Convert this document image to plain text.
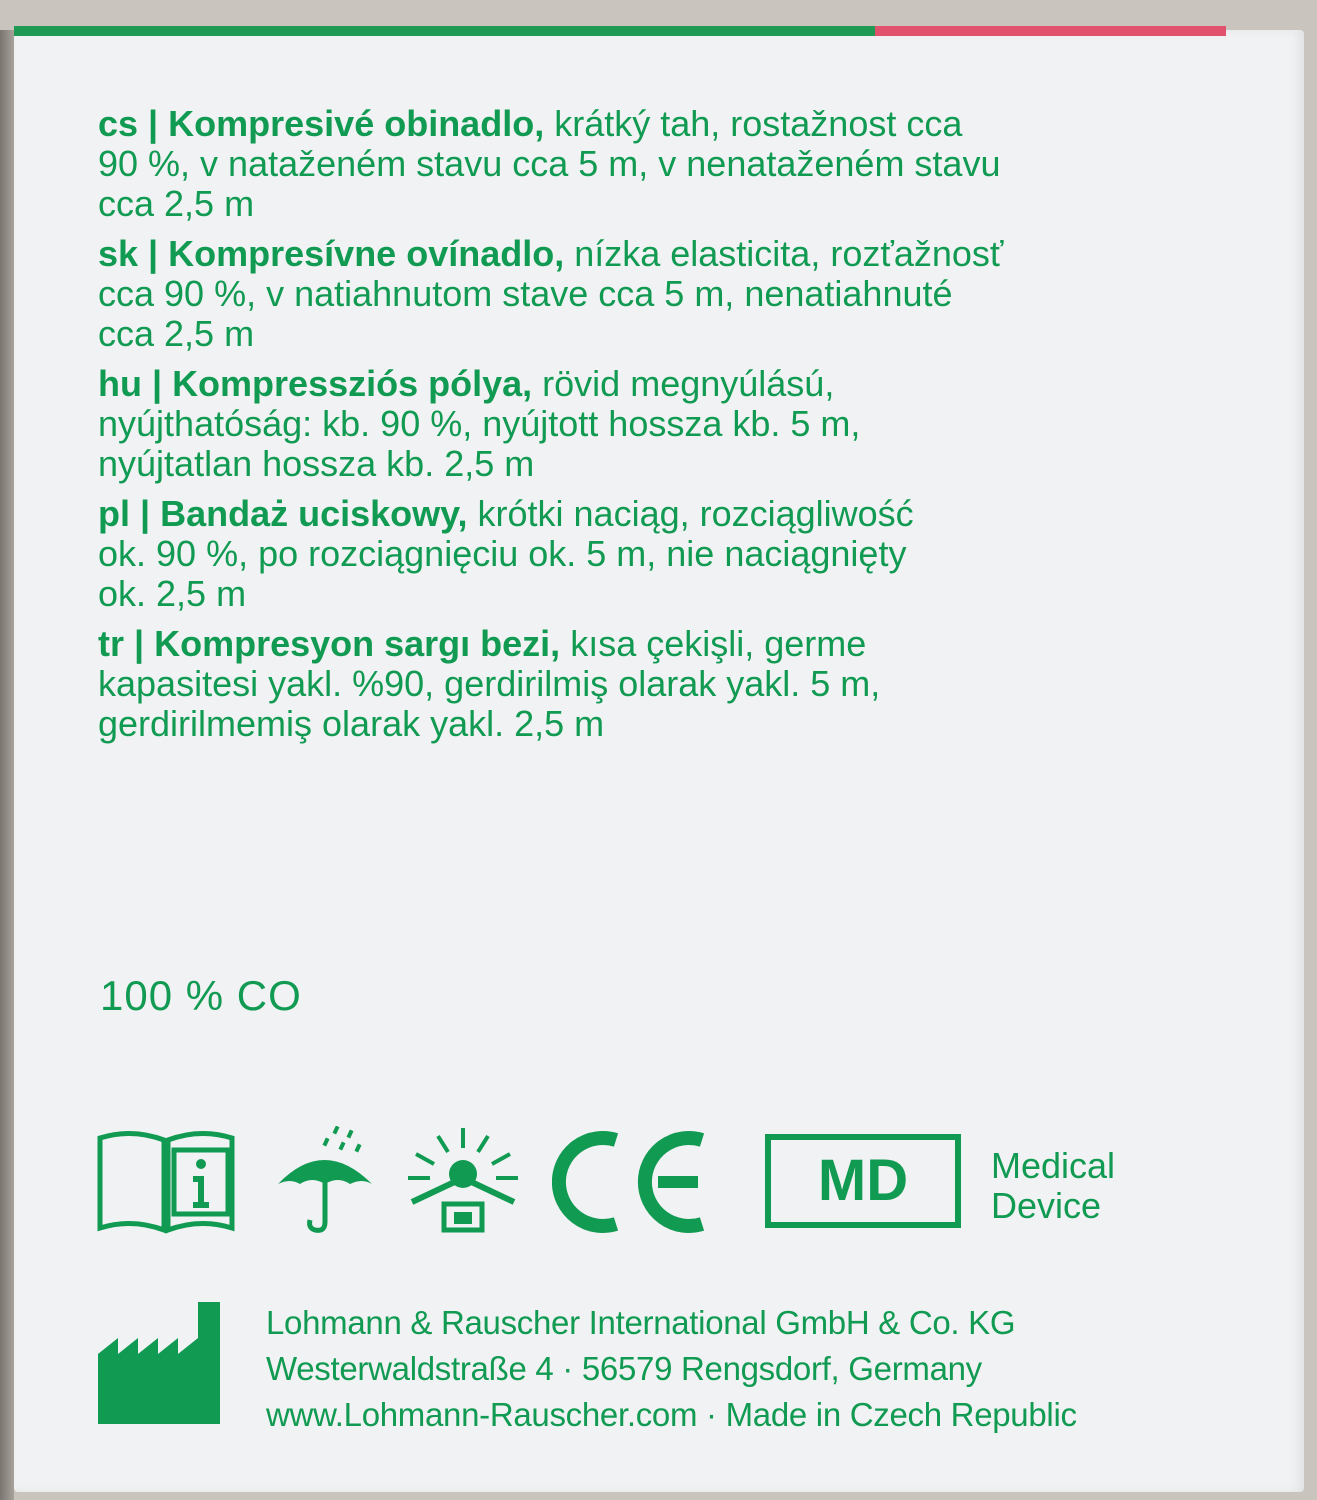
cs | Kompresivé obinadlo, krátký tah, rostažnost cca
90 %, v nataženém stavu cca 5 m, v nenataženém stavu
cca 2,5 m

sk | Kompresívne ovínadlo, nízka elasticita, rozťažnosť
cca 90 %, v natiahnutom stave cca 5 m, nenatiahnuté
cca 2,5 m

hu | Kompressziós pólya, rövid megnyúlású,
nyújthatóság: kb. 90 %, nyújtott hossza kb. 5 m,
nyújtatlan hossza kb. 2,5 m

pl | Bandaż uciskowy, krótki naciąg, rozciągliwość
ok. 90 %, po rozciągnięciu ok. 5 m, nie naciągnięty
ok. 2,5 m

tr | Kompresyon sargı bezi, kısa çekişli, germe
kapasitesi yakl. %90, gerdirilmiş olarak yakl. 5 m,
gerdirilmemiş olarak yakl. 2,5 m

100 % CO
MD	Medical
Device
Lohmann & Rauscher International GmbH & Co. KG
Westerwaldstraße 4 · 56579 Rengsdorf, Germany
www.Lohmann-Rauscher.com · Made in Czech Republic
